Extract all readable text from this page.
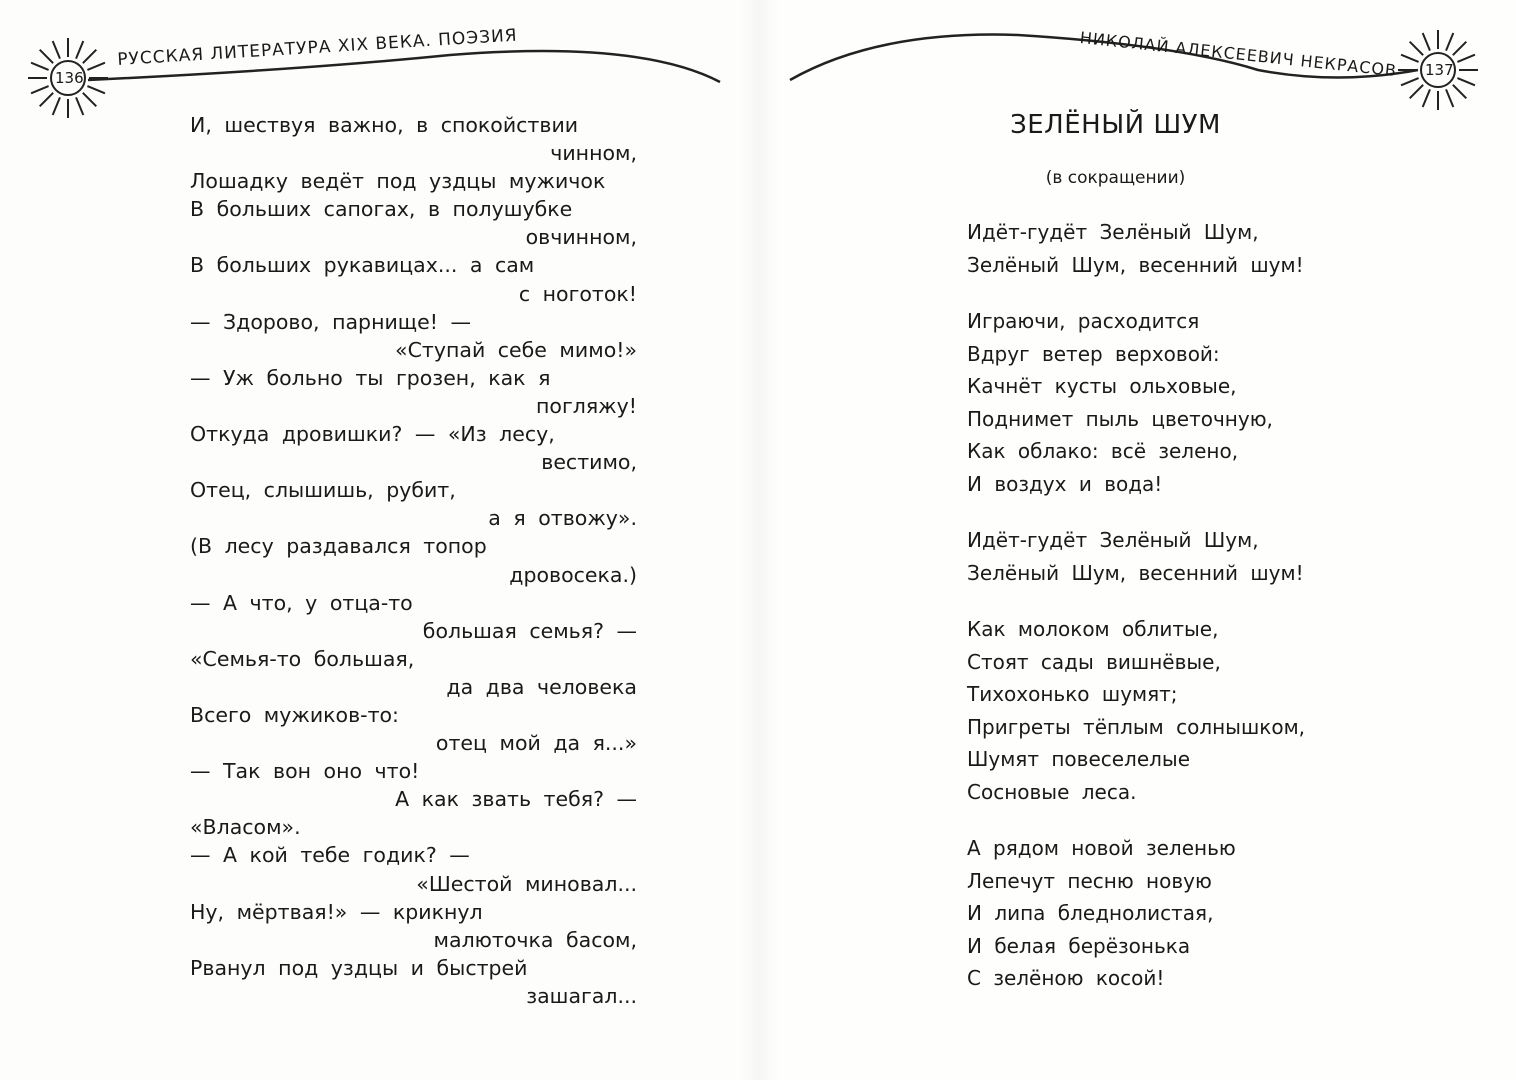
136
РУССКАЯ ЛИТЕРАТУРА XIX ВЕКА. ПОЭЗИЯ
И, шествуя важно, в спокойствии
чинном,
Лошадку ведёт под уздцы мужичок
В больших сапогах, в полушубке
овчинном,
В больших рукавицах... а сам
с ноготок!
— Здорово, парнище! —
«Ступай себе мимо!»
— Уж больно ты грозен, как я
погляжу!
Откуда дровишки? — «Из лесу,
вестимо,
Отец, слышишь, рубит,
а я отвожу».
(В лесу раздавался топор
дровосека.)
— А что, у отца-то
большая семья? —
«Семья-то большая,
да два человека
Всего мужиков-то:
отец мой да я...»
— Так вон оно что!
А как звать тебя? —
«Власом».
— А кой тебе годик? —
«Шестой миновал...
Ну, мёртвая!» — крикнул
малюточка басом,
Рванул под уздцы и быстрей
зашагал...
137
НИКОЛАЙ АЛЕКСЕЕВИЧ НЕКРАСОВ
ЗЕЛЁНЫЙ ШУМ
(в сокращении)
Идёт-гудёт Зелёный Шум,
Зелёный Шум, весенний шум!
Играючи, расходится
Вдруг ветер верховой:
Качнёт кусты ольховые,
Поднимет пыль цветочную,
Как облако: всё зелено,
И воздух и вода!
Идёт-гудёт Зелёный Шум,
Зелёный Шум, весенний шум!
Как молоком облитые,
Стоят сады вишнёвые,
Тихохонько шумят;
Пригреты тёплым солнышком,
Шумят повеселелые
Сосновые леса.
А рядом новой зеленью
Лепечут песню новую
И липа бледнолистая,
И белая берёзонька
С зелёною косой!
